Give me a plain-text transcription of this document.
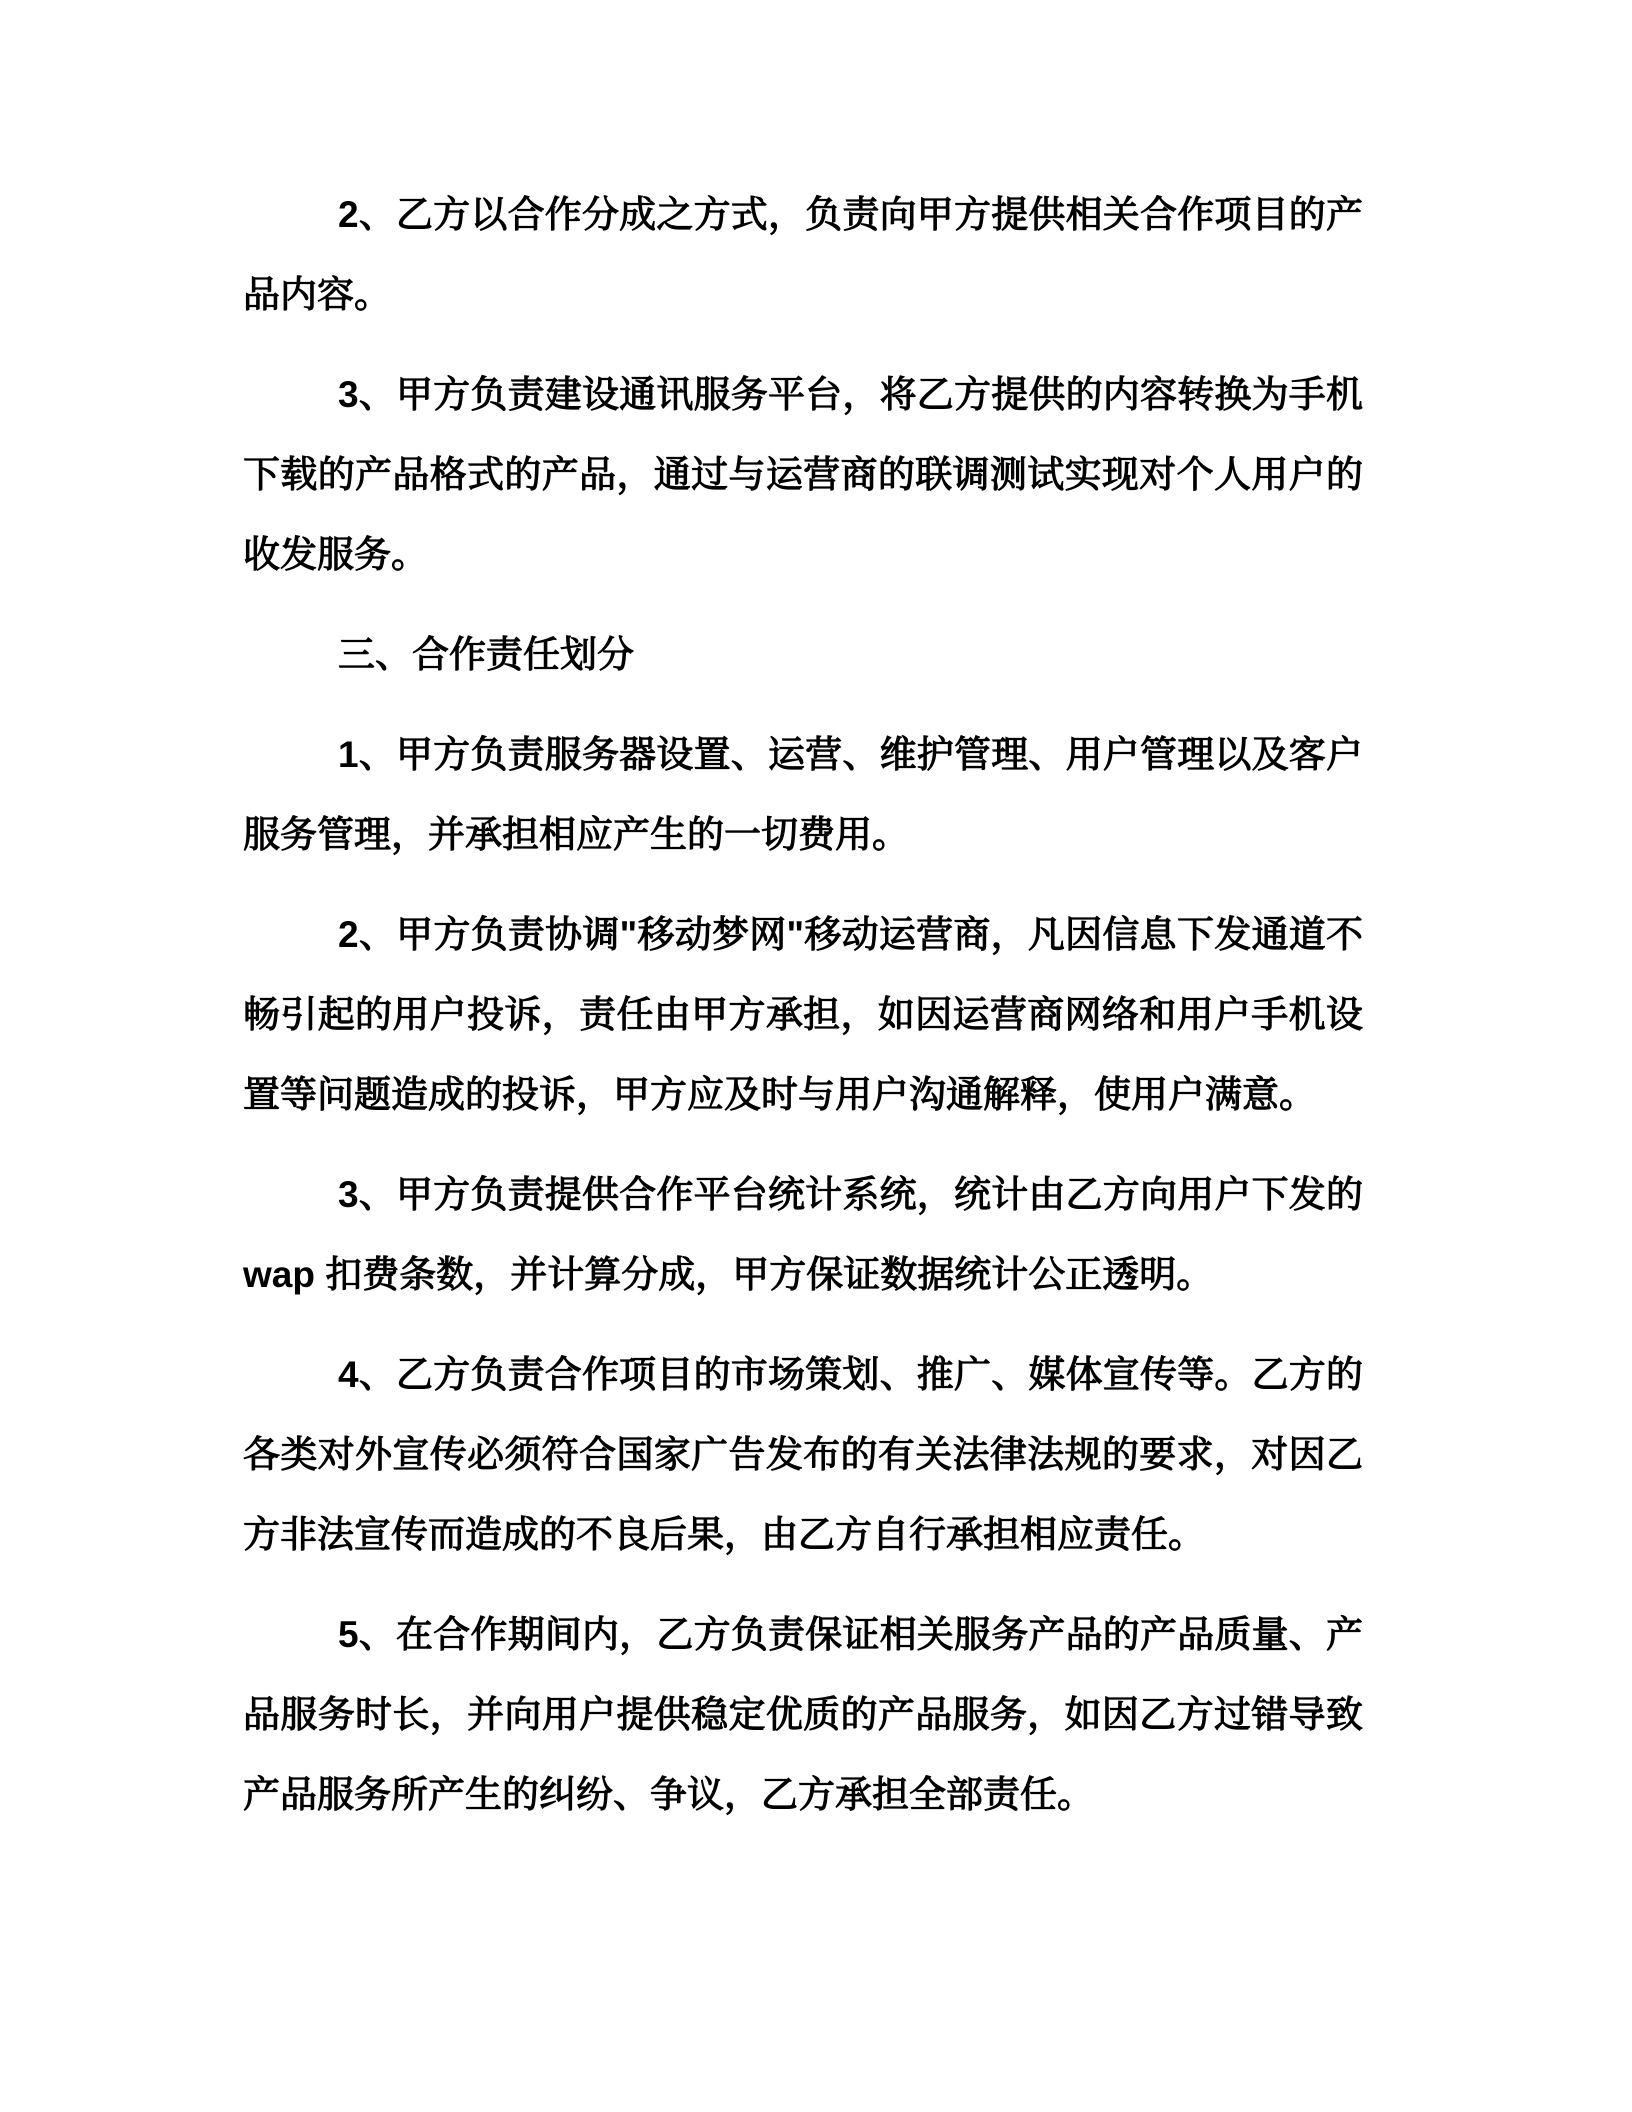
2、乙方以合作分成之方式，负责向甲方提供相关合作项目的产品内容。

3、甲方负责建设通讯服务平台，将乙方提供的内容转换为手机下载的产品格式的产品，通过与运营商的联调测试实现对个人用户的收发服务。

三、合作责任划分

1、甲方负责服务器设置、运营、维护管理、用户管理以及客户服务管理，并承担相应产生的一切费用。

2、甲方负责协调"移动梦网"移动运营商，凡因信息下发通道不畅引起的用户投诉，责任由甲方承担，如因运营商网络和用户手机设置等问题造成的投诉，甲方应及时与用户沟通解释，使用户满意。

3、甲方负责提供合作平台统计系统，统计由乙方向用户下发的wap 扣费条数，并计算分成，甲方保证数据统计公正透明。

4、乙方负责合作项目的市场策划、推广、媒体宣传等。乙方的各类对外宣传必须符合国家广告发布的有关法律法规的要求，对因乙方非法宣传而造成的不良后果，由乙方自行承担相应责任。

5、在合作期间内，乙方负责保证相关服务产品的产品质量、产品服务时长，并向用户提供稳定优质的产品服务，如因乙方过错导致产品服务所产生的纠纷、争议，乙方承担全部责任。
